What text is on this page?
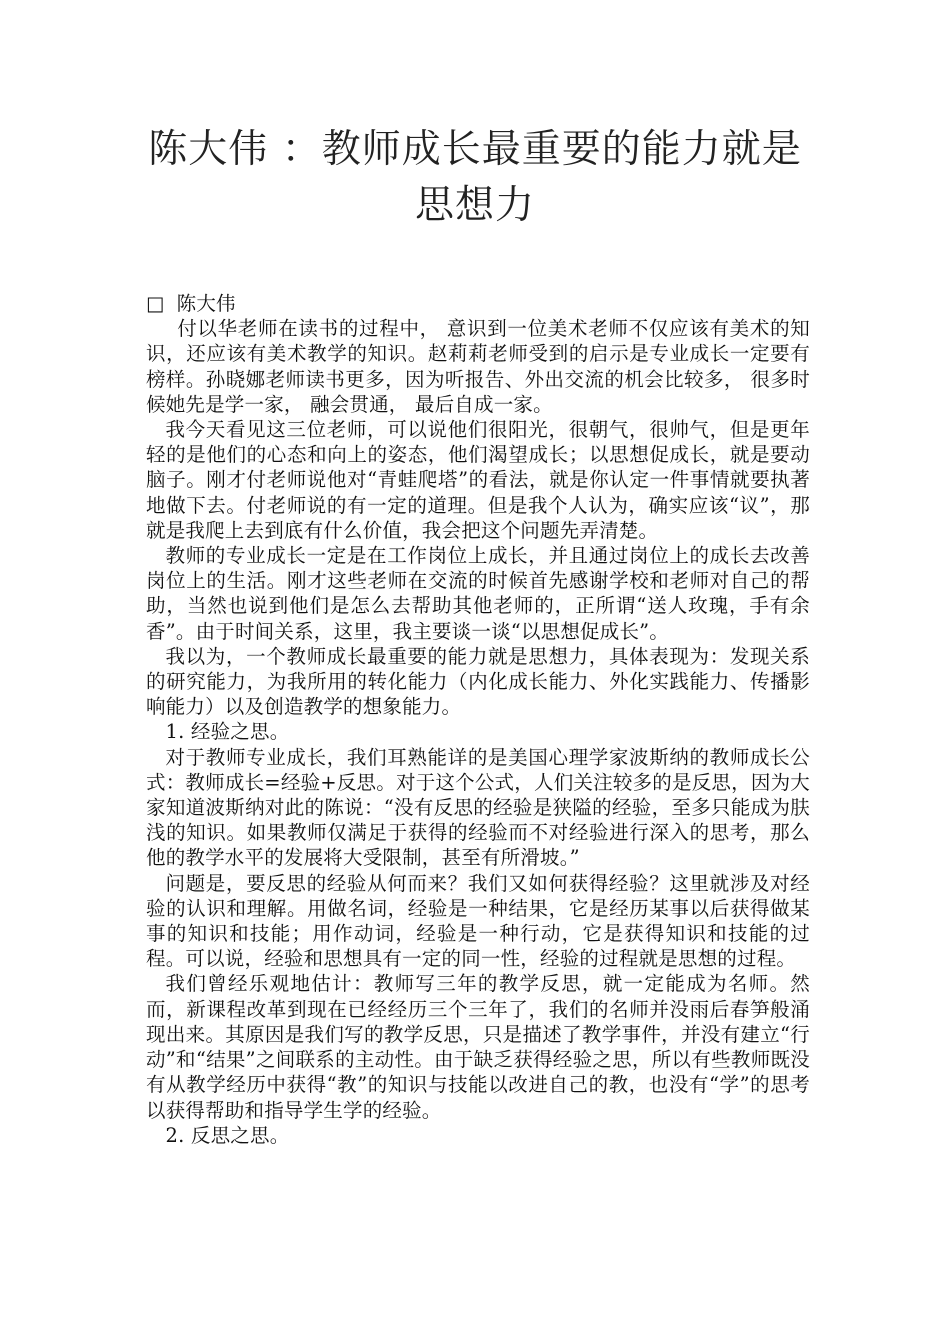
陈大伟 ：教师成长最重要的能力就是思想力

□ 陈大伟

付以华老师在读书的过程中， 意识到一位美术老师不仅应该有美术的知识，还应该有美术教学的知识。赵莉莉老师受到的启示是专业成长一定要有榜样。孙晓娜老师读书更多，因为听报告、外出交流的机会比较多， 很多时候她先是学一家， 融会贯通， 最后自成一家。

我今天看见这三位老师，可以说他们很阳光，很朝气，很帅气，但是更年轻的是他们的心态和向上的姿态，他们渴望成长；以思想促成长，就是要动脑子。刚才付老师说他对“青蛙爬塔”的看法，就是你认定一件事情就要执著地做下去。付老师说的有一定的道理。但是我个人认为，确实应该“议”，那就是我爬上去到底有什么价值，我会把这个问题先弄清楚。

教师的专业成长一定是在工作岗位上成长，并且通过岗位上的成长去改善岗位上的生活。刚才这些老师在交流的时候首先感谢学校和老师对自己的帮助，当然也说到他们是怎么去帮助其他老师的，正所谓“送人玫瑰，手有余香”。由于时间关系，这里，我主要谈一谈“以思想促成长”。

我以为，一个教师成长最重要的能力就是思想力，具体表现为：发现关系的研究能力，为我所用的转化能力（内化成长能力、外化实践能力、传播影响能力）以及创造教学的想象能力。

1. 经验之思。

对于教师专业成长，我们耳熟能详的是美国心理学家波斯纳的教师成长公式：教师成长=经验+反思。对于这个公式，人们关注较多的是反思，因为大家知道波斯纳对此的陈说：“没有反思的经验是狭隘的经验，至多只能成为肤浅的知识。如果教师仅满足于获得的经验而不对经验进行深入的思考，那么他的教学水平的发展将大受限制，甚至有所滑坡。”

问题是，要反思的经验从何而来？我们又如何获得经验？这里就涉及对经验的认识和理解。用做名词，经验是一种结果，它是经历某事以后获得做某事的知识和技能；用作动词，经验是一种行动，它是获得知识和技能的过程。可以说，经验和思想具有一定的同一性，经验的过程就是思想的过程。

我们曾经乐观地估计：教师写三年的教学反思，就一定能成为名师。然而，新课程改革到现在已经经历三个三年了，我们的名师并没雨后春笋般涌现出来。其原因是我们写的教学反思，只是描述了教学事件，并没有建立“行动”和“结果”之间联系的主动性。由于缺乏获得经验之思，所以有些教师既没有从教学经历中获得“教”的知识与技能以改进自己的教，也没有“学”的思考以获得帮助和指导学生学的经验。

2. 反思之思。
